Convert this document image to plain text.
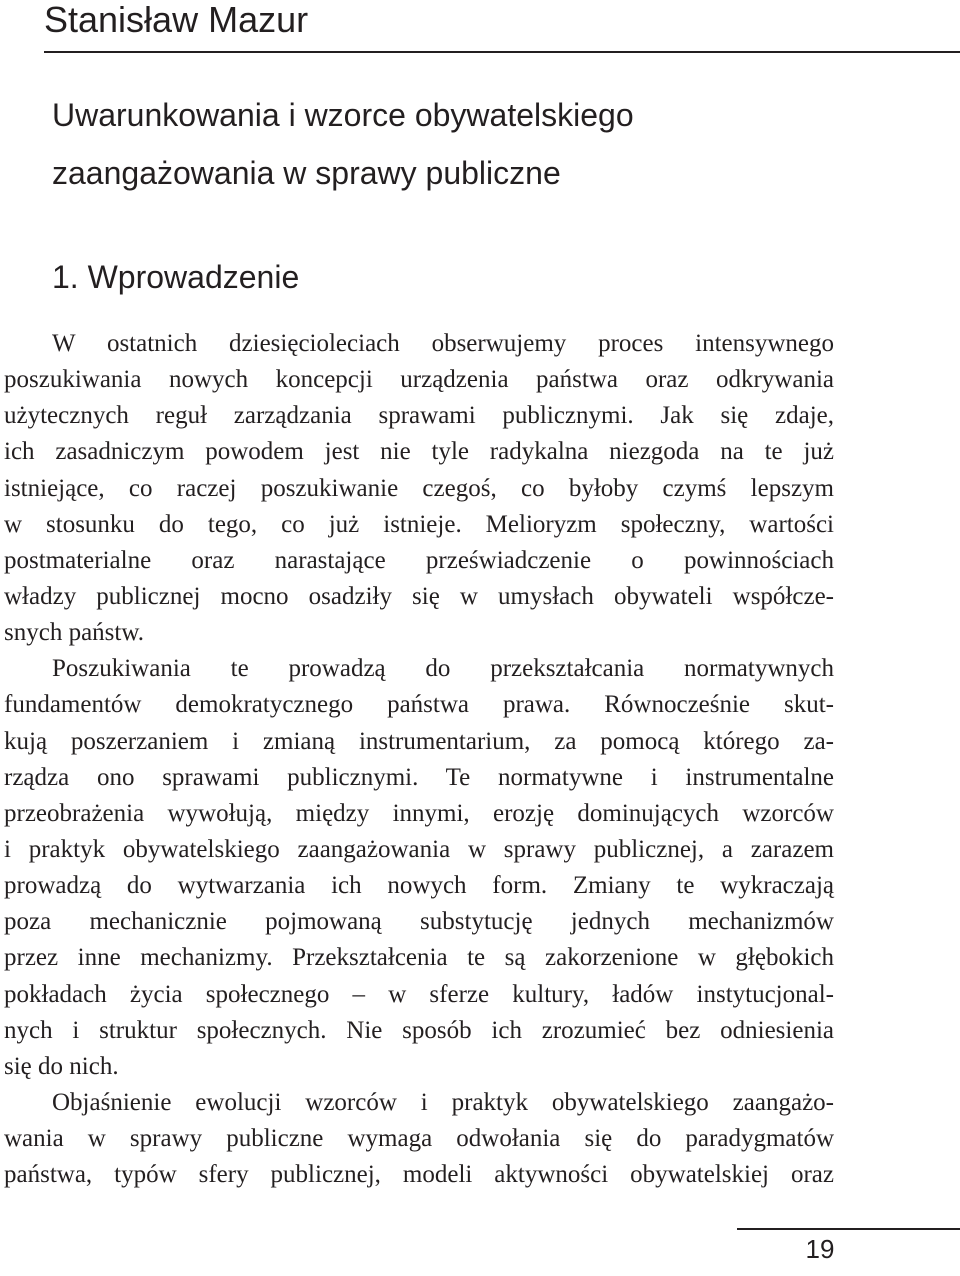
Stanisław Mazur
Uwarunkowania i wzorce obywatelskiego
zaangażowania w sprawy publiczne
1. Wprowadzenie
W ostatnich dziesięcioleciach obserwujemy proces intensywnego
poszukiwania nowych koncepcji urządzenia państwa oraz odkrywania
użytecznych reguł zarządzania sprawami publicznymi. Jak się zdaje,
ich zasadniczym powodem jest nie tyle radykalna niezgoda na te już
istniejące, co raczej poszukiwanie czegoś, co byłoby czymś lepszym
w stosunku do tego, co już istnieje. Melioryzm społeczny, wartości
postmaterialne oraz narastające przeświadczenie o powinnościach
władzy publicznej mocno osadziły się w umysłach obywateli współcze-
snych państw.
Poszukiwania te prowadzą do przekształcania normatywnych
fundamentów demokratycznego państwa prawa. Równocześnie skut-
kują poszerzaniem i zmianą instrumentarium, za pomocą którego za-
rządza ono sprawami publicznymi. Te normatywne i instrumentalne
przeobrażenia wywołują, między innymi, erozję dominujących wzorców
i praktyk obywatelskiego zaangażowania w sprawy publicznej, a zarazem
prowadzą do wytwarzania ich nowych form. Zmiany te wykraczają
poza mechanicznie pojmowaną substytucję jednych mechanizmów
przez inne mechanizmy. Przekształcenia te są zakorzenione w głębokich
pokładach życia społecznego – w sferze kultury, ładów instytucjonal-
nych i struktur społecznych. Nie sposób ich zrozumieć bez odniesienia
się do nich.
Objaśnienie ewolucji wzorców i praktyk obywatelskiego zaangażo-
wania w sprawy publiczne wymaga odwołania się do paradygmatów
państwa, typów sfery publicznej, modeli aktywności obywatelskiej oraz
19
